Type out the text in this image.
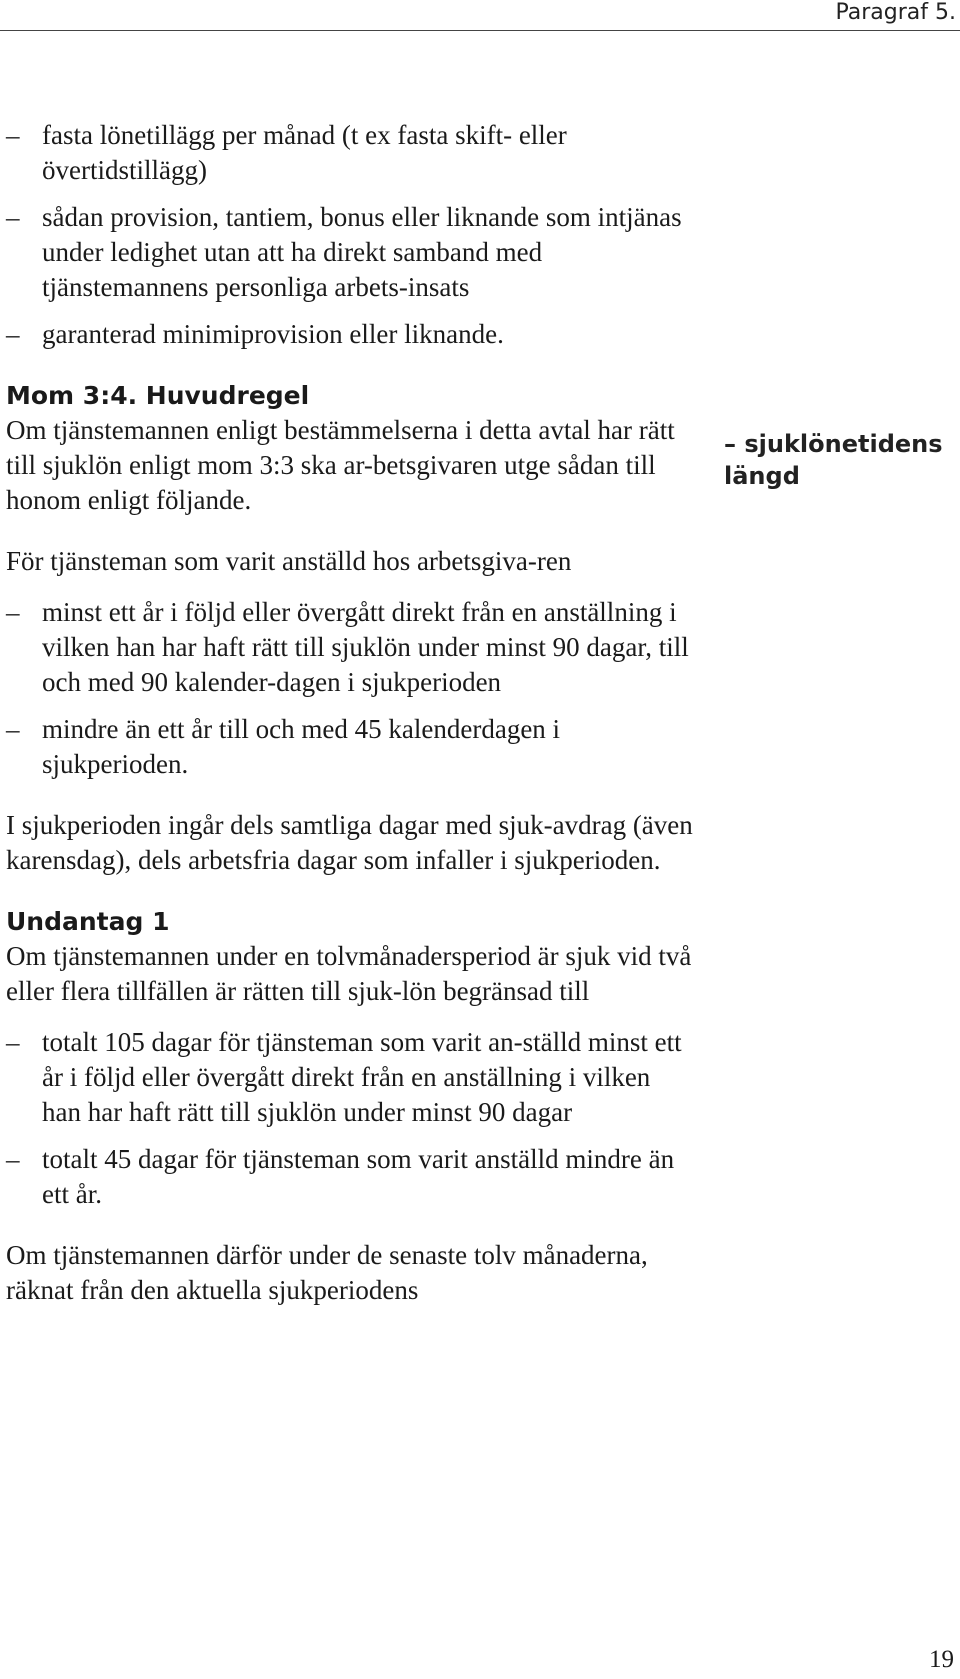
Paragraf 5.
– fasta lönetillägg per månad (t ex fasta skift- eller övertidstillägg)
– sådan provision, tantiem, bonus eller liknande som intjänas under ledighet utan att ha direkt samband med tjänstemannens personliga arbets-insats
– garanterad minimiprovision eller liknande.
Mom 3:4. Huvudregel
Om tjänstemannen enligt bestämmelserna i detta avtal har rätt till sjuklön enligt mom 3:3 ska ar-betsgivaren utge sådan till honom enligt följande.
För tjänsteman som varit anställd hos arbetsgiva-ren
– minst ett år i följd eller övergått direkt från en anställning i vilken han har haft rätt till sjuklön under minst 90 dagar, till och med 90 kalender-dagen i sjukperioden
– mindre än ett år till och med 45 kalenderdagen i sjukperioden.
I sjukperioden ingår dels samtliga dagar med sjuk-avdrag (även karensdag), dels arbetsfria dagar som infaller i sjukperioden.
Undantag 1
Om tjänstemannen under en tolvmånadersperiod är sjuk vid två eller flera tillfällen är rätten till sjuk-lön begränsad till
– totalt 105 dagar för tjänsteman som varit an-ställd minst ett år i följd eller övergått direkt från en anställning i vilken han har haft rätt till sjuklön under minst 90 dagar
– totalt 45 dagar för tjänsteman som varit anställd mindre än ett år.
Om tjänstemannen därför under de senaste tolv månaderna, räknat från den aktuella sjukperiodens
– sjuklönetidens längd
19
